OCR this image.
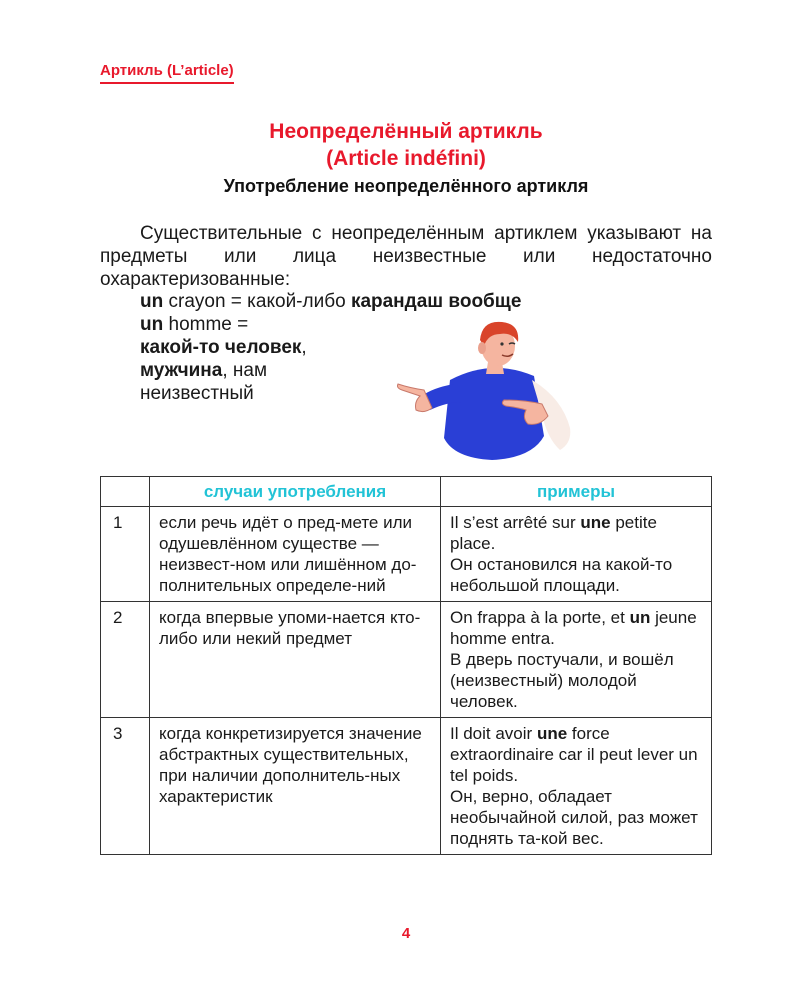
Артикль (L’article)
Неопределённый артикль
(Article indéfini)
Употребление неопределённого артикля

Существительные с неопределённым артиклем указывают на предметы или лица неизвестные или недостаточно охарактеризованные:

un crayon = какой-либо карандаш вообще
un homme =
какой-то человек,
мужчина, нам
неизвестный
	случаи употребления	примеры
1	если речь идёт о пред-мете или одушевлённом существе — неизвест-ном или лишённом до-полнительных определе-ний	Il s’est arrêté sur une petite place.

Он остановился на какой-то небольшой площади.

2	когда впервые упоми-нается кто-либо или некий предмет	On frappa à la porte, et un jeune homme entra.

В дверь постучали, и вошёл (неизвестный) молодой человек.

3	когда конкретизируется значение абстрактных существительных, при наличии дополнитель-ных характеристик	Il doit avoir une force extraordinaire car il peut lever un tel poids.

Он, верно, обладает необычайной силой, раз может поднять та-кой вес.

4
